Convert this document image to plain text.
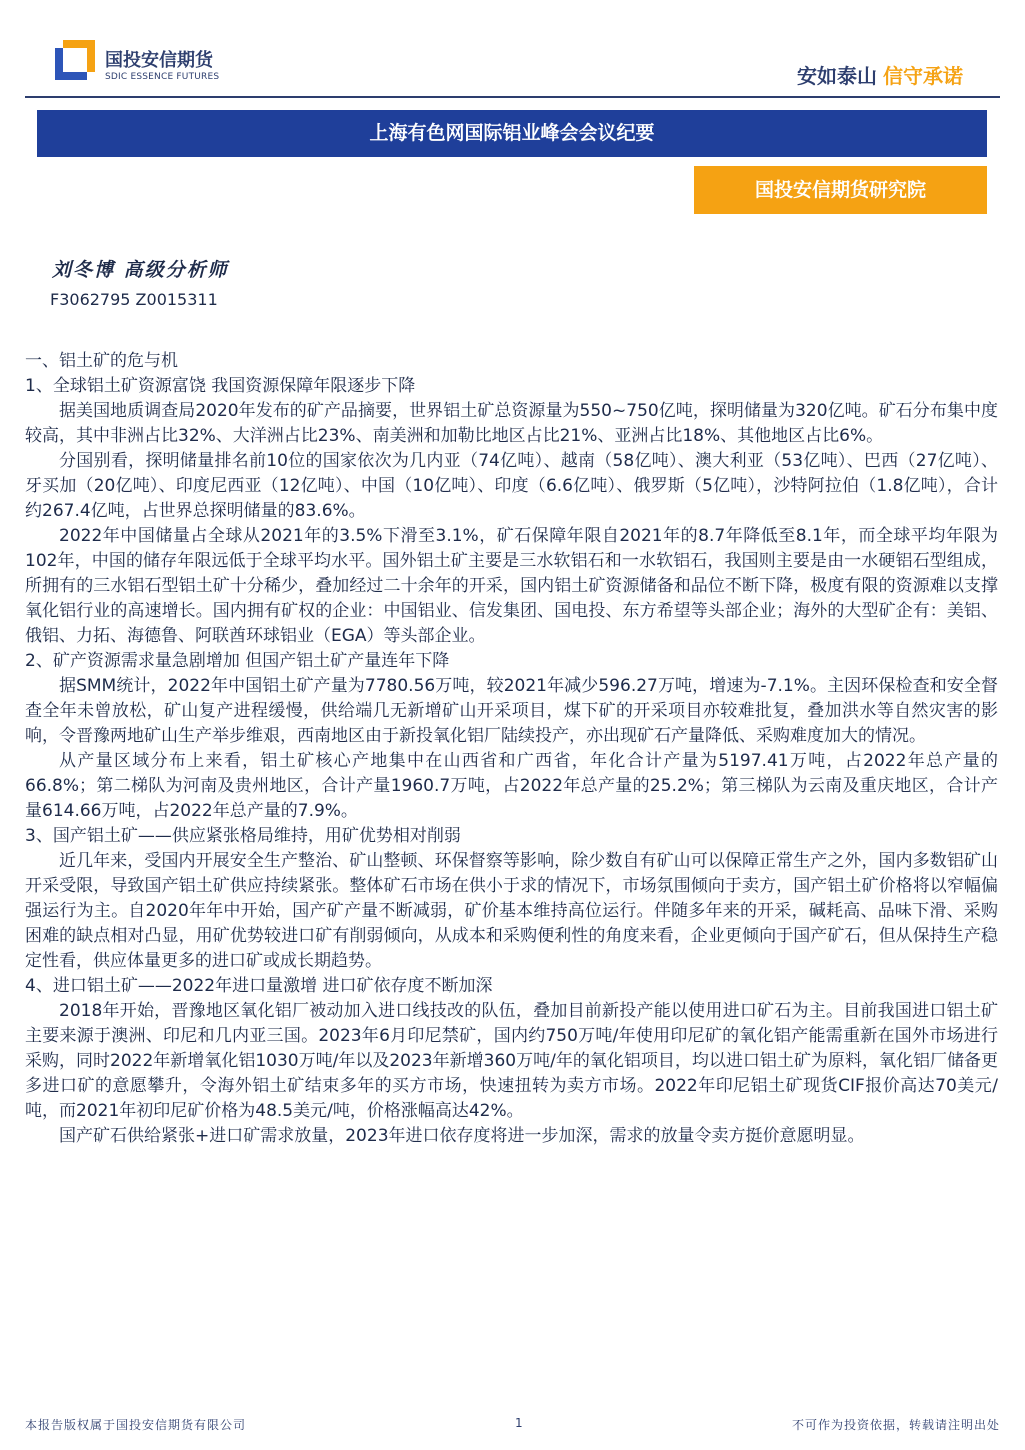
国投安信期货
SDIC ESSENCE FUTURES	安如泰山 信守承诺
上海有色网国际铝业峰会会议纪要
国投安信期货研究院
刘冬博 高级分析师
F3062795 Z0015311

一、铝土矿的危与机

1、全球铝土矿资源富饶 我国资源保障年限逐步下降

据美国地质调查局2020年发布的矿产品摘要，世界铝土矿总资源量为550~750亿吨，探明储量为320亿吨。矿石分布集中度较高，其中非洲占比32%、大洋洲占比23%、南美洲和加勒比地区占比21%、亚洲占比18%、其他地区占比6%。

分国别看，探明储量排名前10位的国家依次为几内亚（74亿吨）、越南（58亿吨）、澳大利亚（53亿吨）、巴西（27亿吨）、牙买加（20亿吨）、印度尼西亚（12亿吨）、中国（10亿吨）、印度（6.6亿吨）、俄罗斯（5亿吨），沙特阿拉伯（1.8亿吨），合计约267.4亿吨，占世界总探明储量的83.6%。

2022年中国储量占全球从2021年的3.5%下滑至3.1%，矿石保障年限自2021年的8.7年降低至8.1年，而全球平均年限为102年，中国的储存年限远低于全球平均水平。国外铝土矿主要是三水软铝石和一水软铝石，我国则主要是由一水硬铝石型组成，所拥有的三水铝石型铝土矿十分稀少，叠加经过二十余年的开采，国内铝土矿资源储备和品位不断下降，极度有限的资源难以支撑氧化铝行业的高速增长。国内拥有矿权的企业：中国铝业、信发集团、国电投、东方希望等头部企业；海外的大型矿企有：美铝、俄铝、力拓、海德鲁、阿联酋环球铝业（EGA）等头部企业。

2、矿产资源需求量急剧增加 但国产铝土矿产量连年下降

据SMM统计，2022年中国铝土矿产量为7780.56万吨，较2021年减少596.27万吨，增速为-7.1%。主因环保检查和安全督查全年未曾放松，矿山复产进程缓慢，供给端几无新增矿山开采项目，煤下矿的开采项目亦较难批复，叠加洪水等自然灾害的影响，令晋豫两地矿山生产举步维艰，西南地区由于新投氧化铝厂陆续投产，亦出现矿石产量降低、采购难度加大的情况。

从产量区域分布上来看，铝土矿核心产地集中在山西省和广西省，年化合计产量为5197.41万吨，占2022年总产量的66.8%；第二梯队为河南及贵州地区，合计产量1960.7万吨，占2022年总产量的25.2%；第三梯队为云南及重庆地区，合计产量614.66万吨，占2022年总产量的7.9%。

3、国产铝土矿——供应紧张格局维持，用矿优势相对削弱

近几年来，受国内开展安全生产整治、矿山整顿、环保督察等影响，除少数自有矿山可以保障正常生产之外，国内多数铝矿山开采受限，导致国产铝土矿供应持续紧张。整体矿石市场在供小于求的情况下，市场氛围倾向于卖方，国产铝土矿价格将以窄幅偏强运行为主。自2020年年中开始，国产矿产量不断减弱，矿价基本维持高位运行。伴随多年来的开采，碱耗高、品味下滑、采购困难的缺点相对凸显，用矿优势较进口矿有削弱倾向，从成本和采购便利性的角度来看，企业更倾向于国产矿石，但从保持生产稳定性看，供应体量更多的进口矿或成长期趋势。

4、进口铝土矿——2022年进口量激增 进口矿依存度不断加深

2018年开始，晋豫地区氧化铝厂被动加入进口线技改的队伍，叠加目前新投产能以使用进口矿石为主。目前我国进口铝土矿主要来源于澳洲、印尼和几内亚三国。2023年6月印尼禁矿，国内约750万吨/年使用印尼矿的氧化铝产能需重新在国外市场进行采购，同时2022年新增氧化铝1030万吨/年以及2023年新增360万吨/年的氧化铝项目，均以进口铝土矿为原料，氧化铝厂储备更多进口矿的意愿攀升，令海外铝土矿结束多年的买方市场，快速扭转为卖方市场。2022年印尼铝土矿现货CIF报价高达70美元/吨，而2021年初印尼矿价格为48.5美元/吨，价格涨幅高达42%。

国产矿石供给紧张+进口矿需求放量，2023年进口依存度将进一步加深，需求的放量令卖方挺价意愿明显。

本报告版权属于国投安信期货有限公司	1	不可作为投资依据，转载请注明出处
